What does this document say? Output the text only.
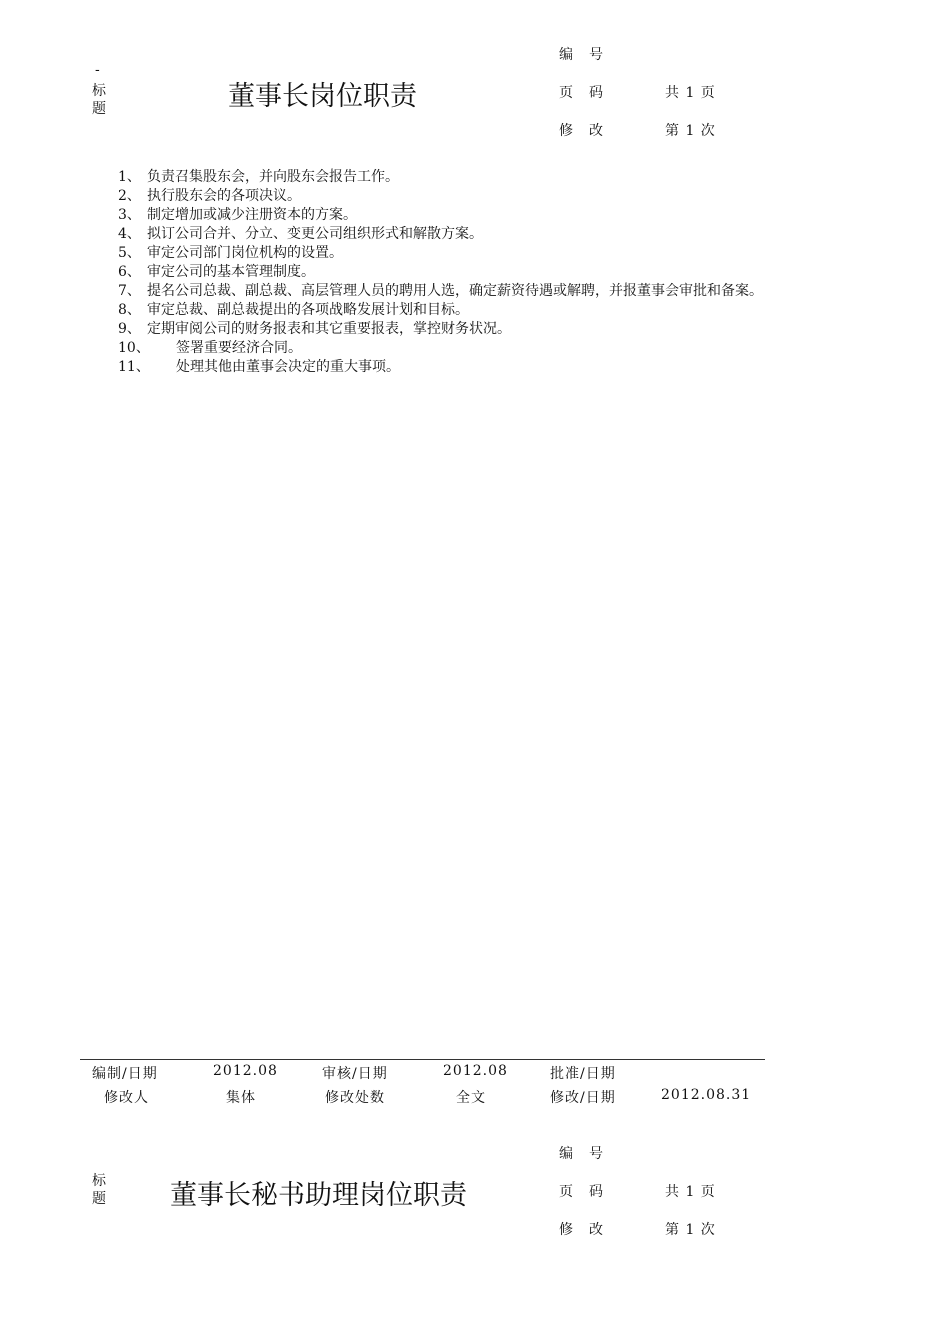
-
标
题	董事长岗位职责
编　号
页　码	共 1 页
修　改	第 1 次
1、 负责召集股东会，并向股东会报告工作。
2、 执行股东会的各项决议。
3、 制定增加或减少注册资本的方案。
4、 拟订公司合并、分立、变更公司组织形式和解散方案。
5、 审定公司部门岗位机构的设置。
6、 审定公司的基本管理制度。
7、 提名公司总裁、副总裁、高层管理人员的聘用人选，确定薪资待遇或解聘，并报董事会审批和备案。
8、 审定总裁、副总裁提出的各项战略发展计划和目标。
9、 定期审阅公司的财务报表和其它重要报表，掌控财务状况。
10、 签署重要经济合同。
11、 处理其他由董事会决定的重大事项。
编制/日期	2012.08	审核/日期	2012.08	批准/日期
修改人	集体	修改处数	全文	修改/日期	2012.08.31
标
题 董事长秘书助理岗位职责
编　号
页　码	共 1 页
修　改	第 1 次
